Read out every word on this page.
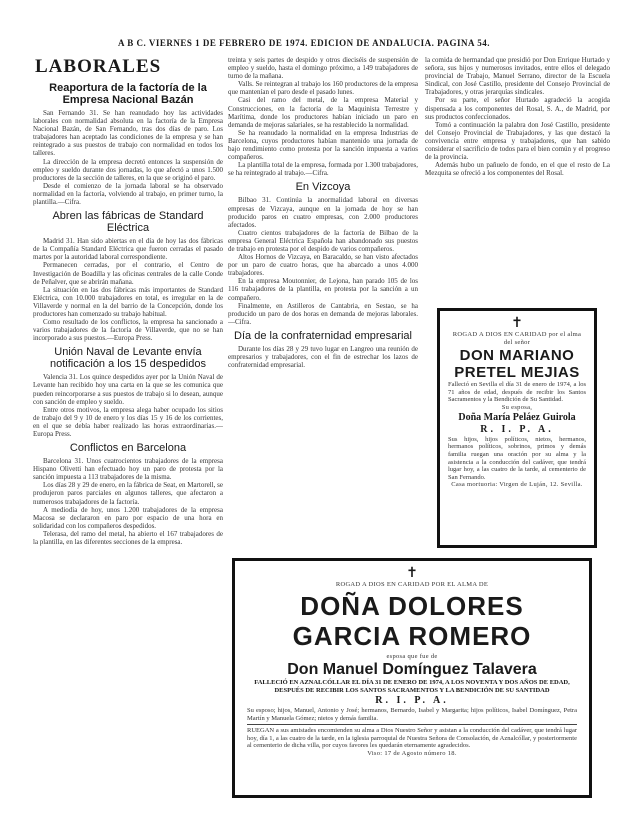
A B C. VIERNES 1 DE FEBRERO DE 1974. EDICION DE ANDALUCIA. PAGINA 54.
LABORALES
Reaportura de la factoría de la Empresa Nacional Bazán

San Fernando 31. Se han reanudado hoy las actividades laborales con normalidad absoluta en la factoría de la Empresa Nacional Bazán, de San Fernando, tras dos días de paro. Los trabajadores han aceptado las condiciones de la empresa y se han reintegrado a sus puestos de trabajo con normalidad en todos los talleres.

La dirección de la empresa decretó entonces la suspensión de empleo y sueldo durante dos jornadas, lo que afectó a unos 1.500 productores de la sección de talleres, en la que se originó el paro.

Desde el comienzo de la jornada laboral se ha observado normalidad en la factoría, volviendo al trabajo, en primer turno, la plantilla.—Cifra.

Abren las fábricas de Standard Eléctrica

Madrid 31. Han sido abiertas en el día de hoy las dos fábricas de la Compañía Standard Eléctrica que fueron cerradas el pasado martes por la autoridad laboral correspondiente.

Permanecen cerradas, por el contrario, el Centro de Investigación de Boadilla y las oficinas centrales de la calle Conde de Peñalver, que se abrirán mañana.

La situación en las dos fábricas más importantes de Standard Eléctrica, con 10.000 trabajadores en total, es irregular en la de Villaverde y normal en la del barrio de la Concepción, donde los productores han comenzado su trabajo habitual.

Como resultado de los conflictos, la empresa ha sancionado a varios trabajadores de la factoría de Villaverde, que no se han incorporado a sus puestos.—Europa Press.

Unión Naval de Levante envía notificación a los 15 despedidos

Valencia 31. Los quince despedidos ayer por la Unión Naval de Levante han recibido hoy una carta en la que se les comunica que pueden reincorporarse a sus puestos de trabajo si lo desean, aunque con sanción de empleo y sueldo.

Entre otros motivos, la empresa alega haber ocupado los sitios de trabajo del 9 y 10 de enero y los días 15 y 16 de los corrientes, en el que se debía haber realizado las horas extraordinarias.—Europa Press.

Conflictos en Barcelona

Barcelona 31. Unos cuatrocientos trabajadores de la empresa Hispano Olivetti han efectuado hoy un paro de protesta por la sanción impuesta a 113 trabajadores de la misma.

Los días 28 y 29 de enero, en la fábrica de Seat, en Martorell, se produjeron paros parciales en algunos talleres, que afectaron a numerosos trabajadores de la factoría.

A mediodía de hoy, unos 1.200 trabajadores de la empresa Macosa se declararon en paro por espacio de una hora en solidaridad con los compañeros despedidos.

Telerasa, del ramo del metal, ha abierto el 167 trabajadores de la plantilla, en las diferentes secciones de la empresa.

treinta y seis partes de despido y otros dieciséis de suspensión de empleo y sueldo, hasta el domingo próximo, a 149 trabajadores de turno de la mañana.

Valls. Se reintegran al trabajo los 160 productores de la empresa que mantenían el paro desde el pasado lunes.

Casi del ramo del metal, de la empresa Material y Construcciones, en la factoría de la Maquinista Terrestre y Marítima, donde los productores habían iniciado un paro en demanda de mejoras salariales, se ha restablecido la normalidad.

Se ha reanudado la normalidad en la empresa Industrias de Barcelona, cuyos productores habían mantenido una jornada de bajo rendimiento como protesta por la sanción impuesta a varios compañeros.

La plantilla total de la empresa, formada por 1.300 trabajadores, se ha reintegrado al trabajo.—Cifra.

En Vizcoya

Bilbao 31. Continúa la anormalidad laboral en diversas empresas de Vizcaya, aunque en la jornada de hoy se han producido paros en cuatro empresas, con 2.000 productores afectados.

Cuatro cientos trabajadores de la factoría de Bilbao de la empresa General Eléctrica Española han abandonado sus puestos de trabajo en protesta por el despido de varios compañeros.

Altos Hornos de Vizcaya, en Baracaldo, se han visto afectados por un paro de cuatro horas, que ha abarcado a unos 4.000 trabajadores.

En la empresa Moutonnier, de Lejona, han parado 105 de los 116 trabajadores de la plantilla, en protesta por la sanción a un compañero.

Finalmente, en Astilleros de Cantabria, en Sestao, se ha producido un paro de dos horas en demanda de mejoras laborales.—Cifra.

Día de la confraternidad empresarial

Durante los días 28 y 29 tuvo lugar en Langreo una reunión de empresarios y trabajadores, con el fin de estrechar los lazos de confraternidad empresarial.

la comida de hermandad que presidió por Don Enrique Hurtado y señora, sus hijos y numerosos invitados, entre ellos el delegado provincial de Trabajo, Manuel Serrano, director de la Escuela Sindical, con José Castillo, presidente del Consejo Provincial de Trabajadores, y otras jerarquías sindicales.

Por su parte, el señor Hurtado agradeció la acogida dispensada a los componentes del Rosal, S. A., de Madrid, por sus productos confeccionados.

Tomó a continuación la palabra don José Castillo, presidente del Consejo Provincial de Trabajadores, y las que destacó la convivencia entre empresa y trabajadores, que han sabido considerar el sacrificio de todos para el bien común y el progreso de la provincia.

Además hubo un pañuelo de fondo, en el que el resto de La Mezquita se ofreció a los componentes del Rosal.

✝
ROGAD A DIOS EN CARIDAD por el alma del señor
DON MARIANO PRETEL MEJIAS
Falleció en Sevilla el día 31 de enero de 1974, a los 71 años de edad, después de recibir los Santos Sacramentos y la Bendición de Su Santidad.
Su esposa,
Doña María Peláez Guirola
R. I. P. A.
Sus hijos, hijos políticos, nietos, hermanos, hermanos políticos, sobrinos, primos y demás familia ruegan una oración por su alma y la asistencia a la conducción del cadáver, que tendrá lugar hoy, a las cuatro de la tarde, al cementerio de San Fernando.
Casa mortuoria: Virgen de Luján, 12. Sevilla.
✝
ROGAD A DIOS EN CARIDAD POR EL ALMA DE
DOÑA DOLORES GARCIA ROMERO
esposa que fue de
Don Manuel Domínguez Talavera
FALLECIÓ EN AZNALCÓLLAR EL DÍA 31 DE ENERO DE 1974, A LOS NOVENTA Y DOS AÑOS DE EDAD, DESPUÉS DE RECIBIR LOS SANTOS SACRAMENTOS Y LA BENDICIÓN DE SU SANTIDAD
R. I. P. A.
Su esposo; hijos, Manuel, Antonio y José; hermanos, Bernardo, Isabel y Margarita; hijos políticos, Isabel Domínguez, Petra Martín y Manuela Gómez; nietos y demás familia.
RUEGAN a sus amistades encomienden su alma a Dios Nuestro Señor y asistan a la conducción del cadáver, que tendrá lugar hoy, día 1, a las cuatro de la tarde, en la iglesia parroquial de Nuestra Señora de Consolación, de Aznalcóllar, y posteriormente al cementerio de dicha villa, por cuyos favores les quedarán eternamente agradecidos.
Viso: 17 de Agosto número 18.
